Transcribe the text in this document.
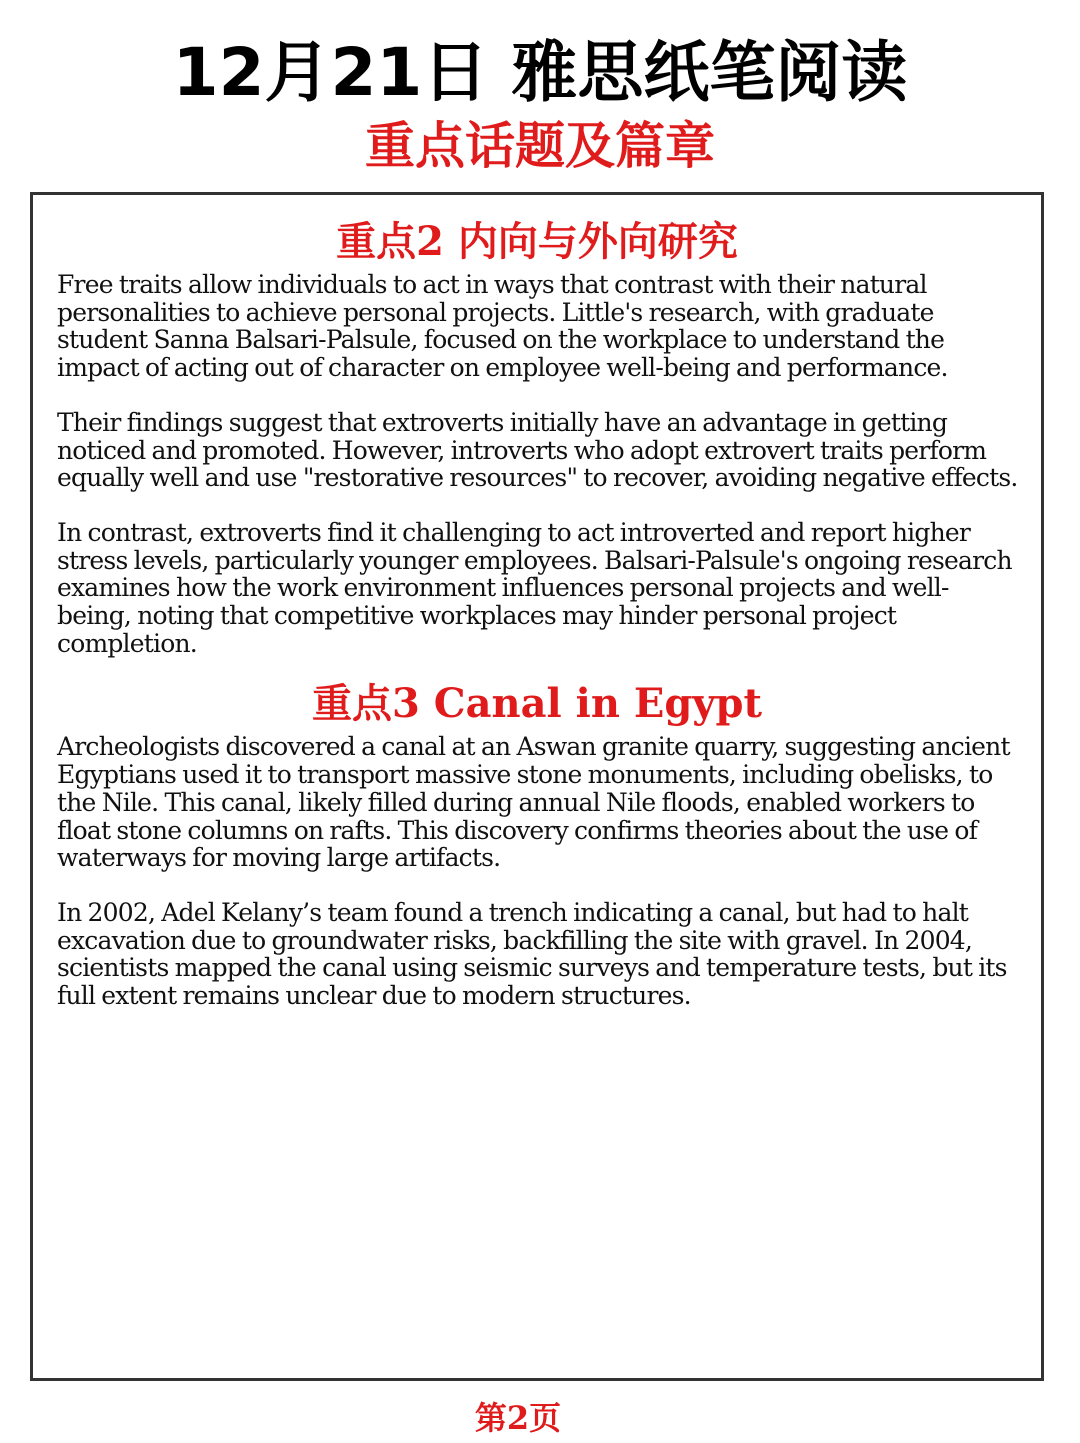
12月21日 雅思纸笔阅读
重点话题及篇章
重点2 内向与外向研究

Free traits allow individuals to act in ways that contrast with their natural personalities to achieve personal projects. Little's research, with graduate student Sanna Balsari-Palsule, focused on the workplace to understand the impact of acting out of character on employee well-being and performance.

Their findings suggest that extroverts initially have an advantage in getting noticed and promoted. However, introverts who adopt extrovert traits perform equally well and use "restorative resources" to recover, avoiding negative effects.

In contrast, extroverts find it challenging to act introverted and report higher stress levels, particularly younger employees. Balsari-Palsule's ongoing research examines how the work environment influences personal projects and well-being, noting that competitive workplaces may hinder personal project completion.

重点3 Canal in Egypt

Archeologists discovered a canal at an Aswan granite quarry, suggesting ancient Egyptians used it to transport massive stone monuments, including obelisks, to the Nile. This canal, likely filled during annual Nile floods, enabled workers to float stone columns on rafts. This discovery confirms theories about the use of waterways for moving large artifacts.

In 2002, Adel Kelany’s team found a trench indicating a canal, but had to halt excavation due to groundwater risks, backfilling the site with gravel. In 2004, scientists mapped the canal using seismic surveys and temperature tests, but its full extent remains unclear due to modern structures.

第2页
